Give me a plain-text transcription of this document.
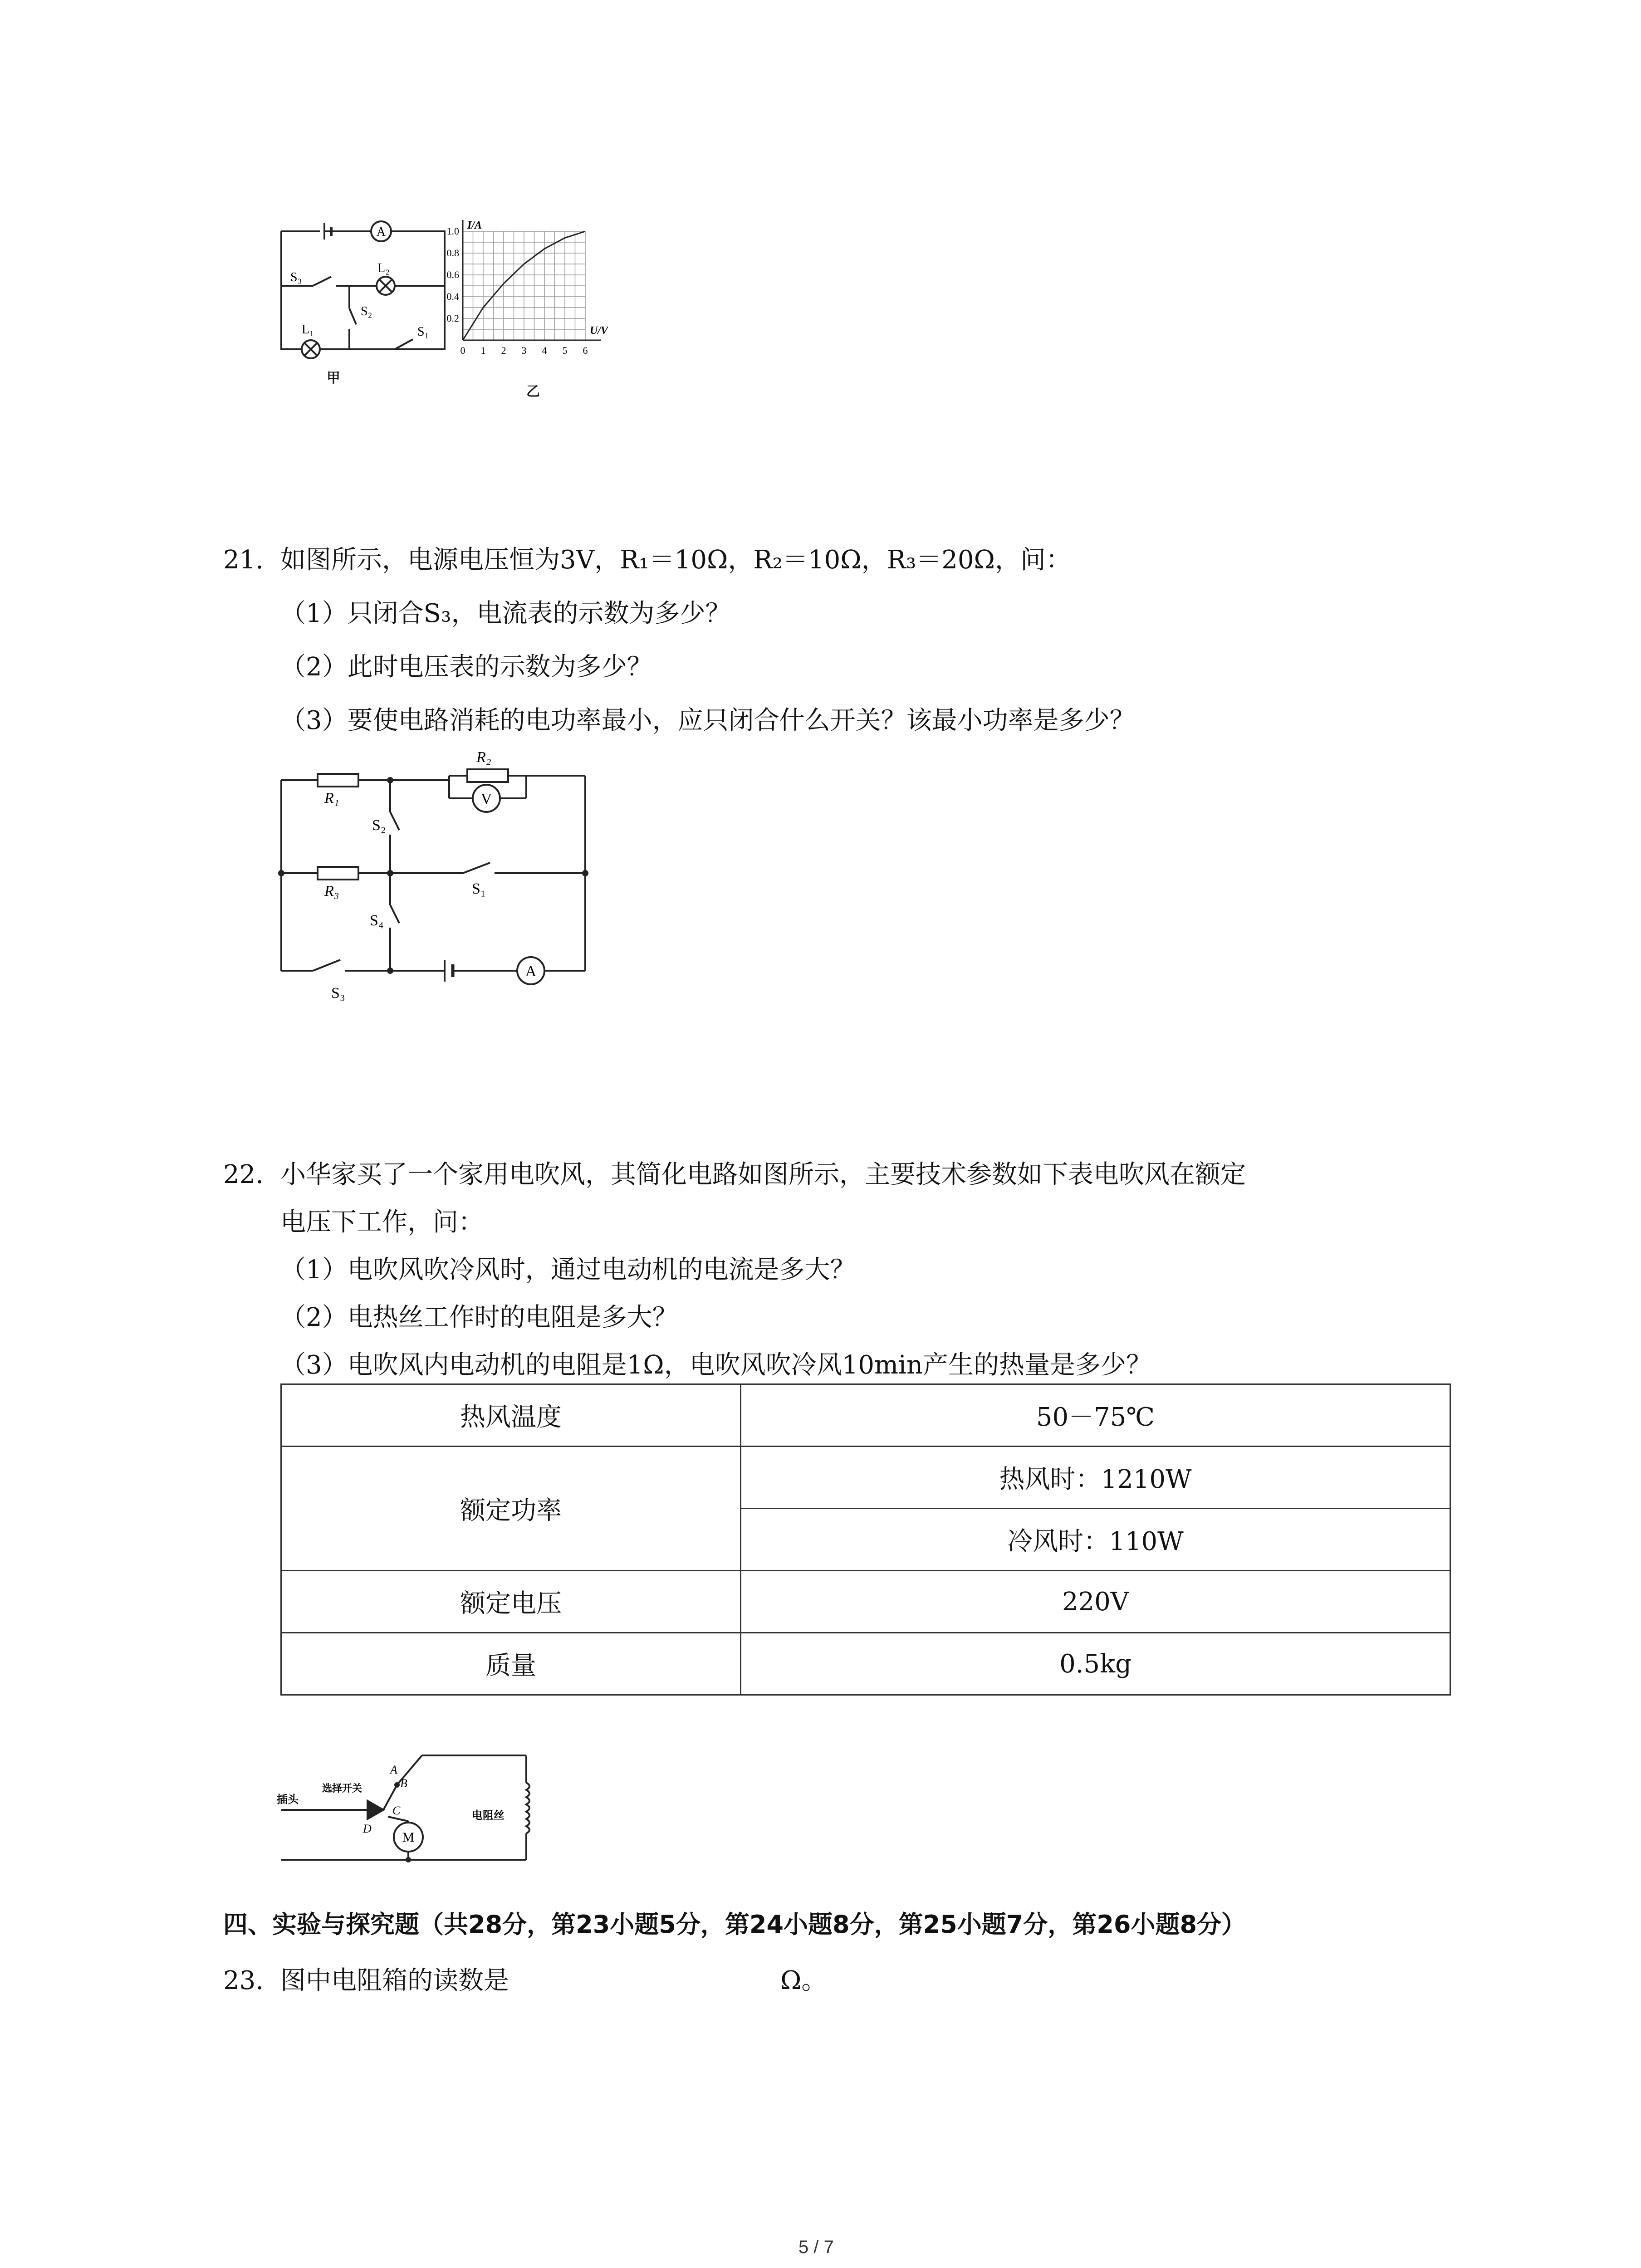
A
S₃
L₂
L₁
S₂
S₁
甲
0 1 2 3 4 5 6
0.2
0.4
0.6
0.8
1.0 I/A
U/V
乙
21. 如图所示，电源电压恒为3V，R₁＝10Ω，R₂＝10Ω，R₃＝20Ω，问：
（1）只闭合S₃，电流表的示数为多少？
（2）此时电压表的示数为多少？
（3）要使电路消耗的电功率最小，应只闭合什么开关？该最小功率是多少？
R₁
R₂
R₃
V
A
S₂
S₁
S₄
S₃
22. 小华家买了一个家用电吹风，其简化电路如图所示，主要技术参数如下表电吹风在额定
电压下工作，问：
（1）电吹风吹冷风时，通过电动机的电流是多大？
（2）电热丝工作时的电阻是多大？
（3）电吹风内电动机的电阻是1Ω，电吹风吹冷风10min产生的热量是多少？
热风温度	50－75℃
额定功率	热风时：1210W
	冷风时：110W
额定电压	220V
质量	0.5kg
插头
选择开关
A
B
C
D
M
电阻丝
四、实验与探究题（共28分，第23小题5分，第24小题8分，第25小题7分，第26小题8分）
23. 图中电阻箱的读数是	Ω。
5 / 7
